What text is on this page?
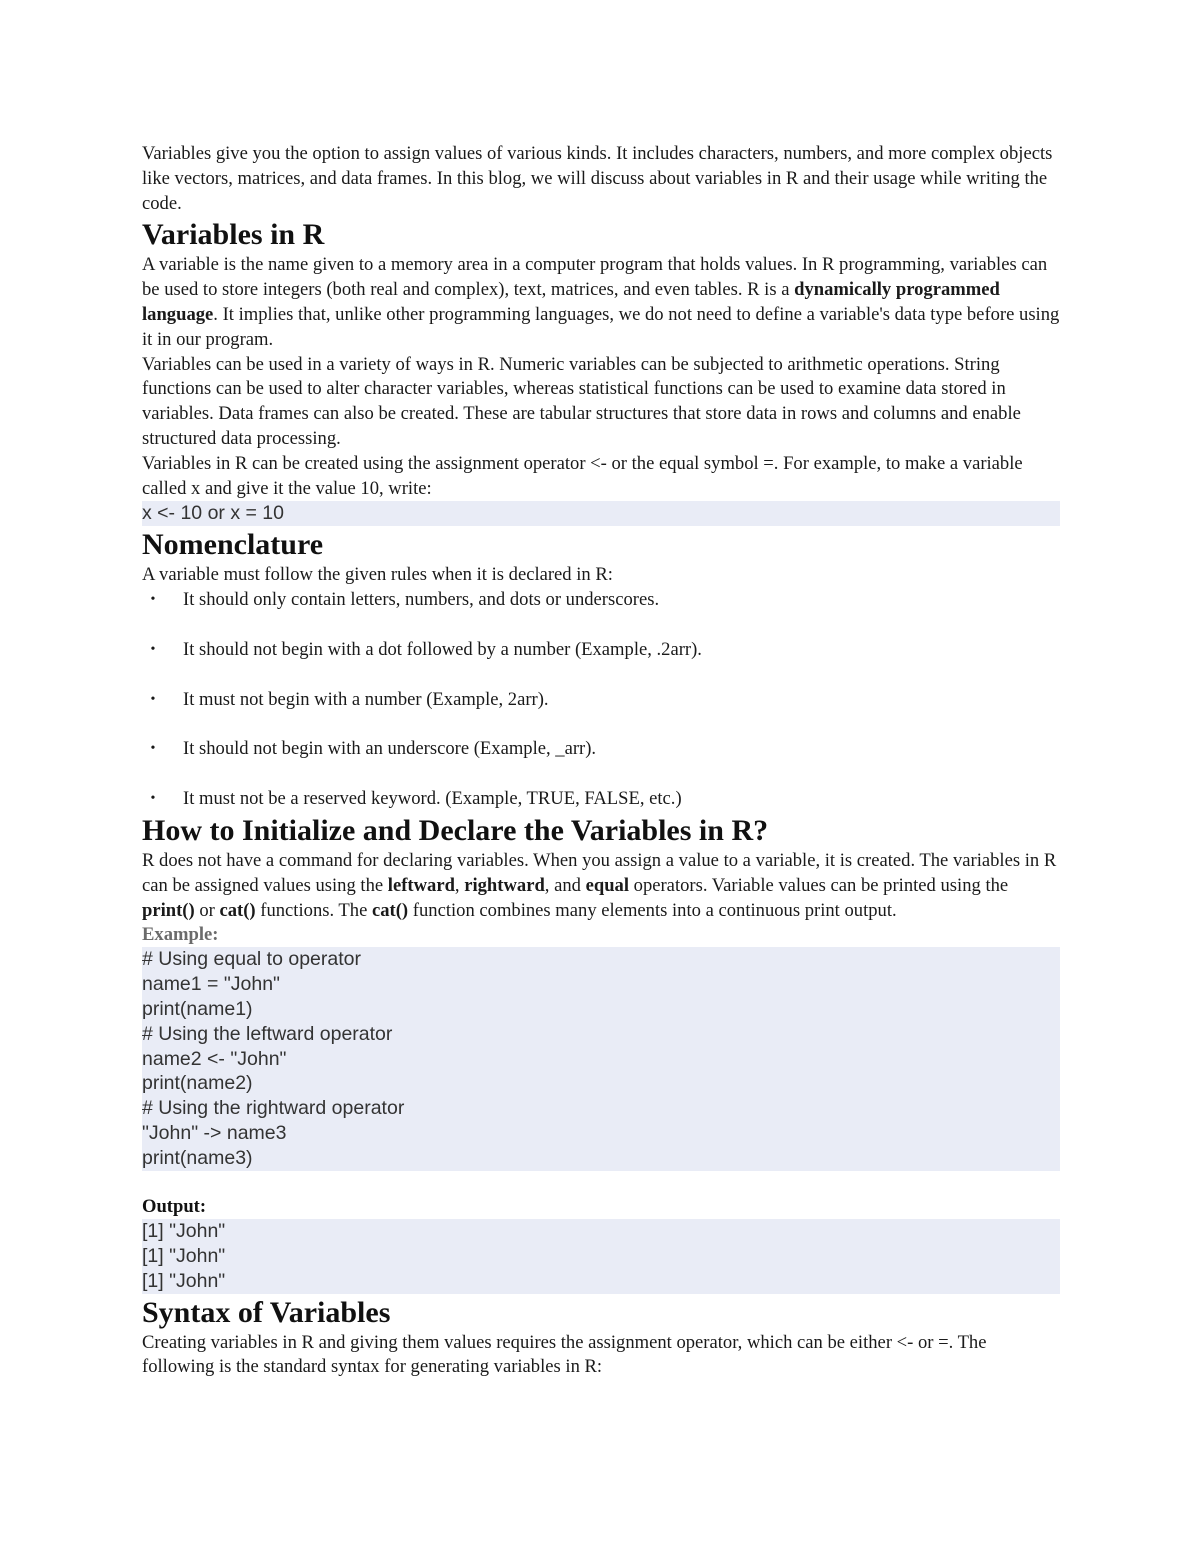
Variables give you the option to assign values of various kinds. It includes characters, numbers, and more complex objects like vectors, matrices, and data frames. In this blog, we will discuss about variables in R and their usage while writing the code.

Variables in R

A variable is the name given to a memory area in a computer program that holds values. In R programming, variables can be used to store integers (both real and complex), text, matrices, and even tables. R is a dynamically programmed language. It implies that, unlike other programming languages, we do not need to define a variable's data type before using it in our program.

Variables can be used in a variety of ways in R. Numeric variables can be subjected to arithmetic operations. String functions can be used to alter character variables, whereas statistical functions can be used to examine data stored in variables. Data frames can also be created. These are tabular structures that store data in rows and columns and enable structured data processing.

Variables in R can be created using the assignment operator <- or the equal symbol =. For example, to make a variable called x and give it the value 10, write:

x <- 10 or x = 10
Nomenclature

A variable must follow the given rules when it is declared in R:

• It should only contain letters, numbers, and dots or underscores.
• It should not begin with a dot followed by a number (Example, .2arr).
• It must not begin with a number (Example, 2arr).
• It should not begin with an underscore (Example, _arr).
• It must not be a reserved keyword. (Example, TRUE, FALSE, etc.)
How to Initialize and Declare the Variables in R?

R does not have a command for declaring variables. When you assign a value to a variable, it is created. The variables in R can be assigned values using the leftward, rightward, and equal operators. Variable values can be printed using the print() or cat() functions. The cat() function combines many elements into a continuous print output.

Example:
# Using equal to operator
name1 = "John"
print(name1)
# Using the leftward operator
name2 <- "John"
print(name2)
# Using the rightward operator
"John" -> name3
print(name3)
Output:
[1] "John"
[1] "John"
[1] "John"
Syntax of Variables

Creating variables in R and giving them values requires the assignment operator, which can be either <- or =. The following is the standard syntax for generating variables in R:
